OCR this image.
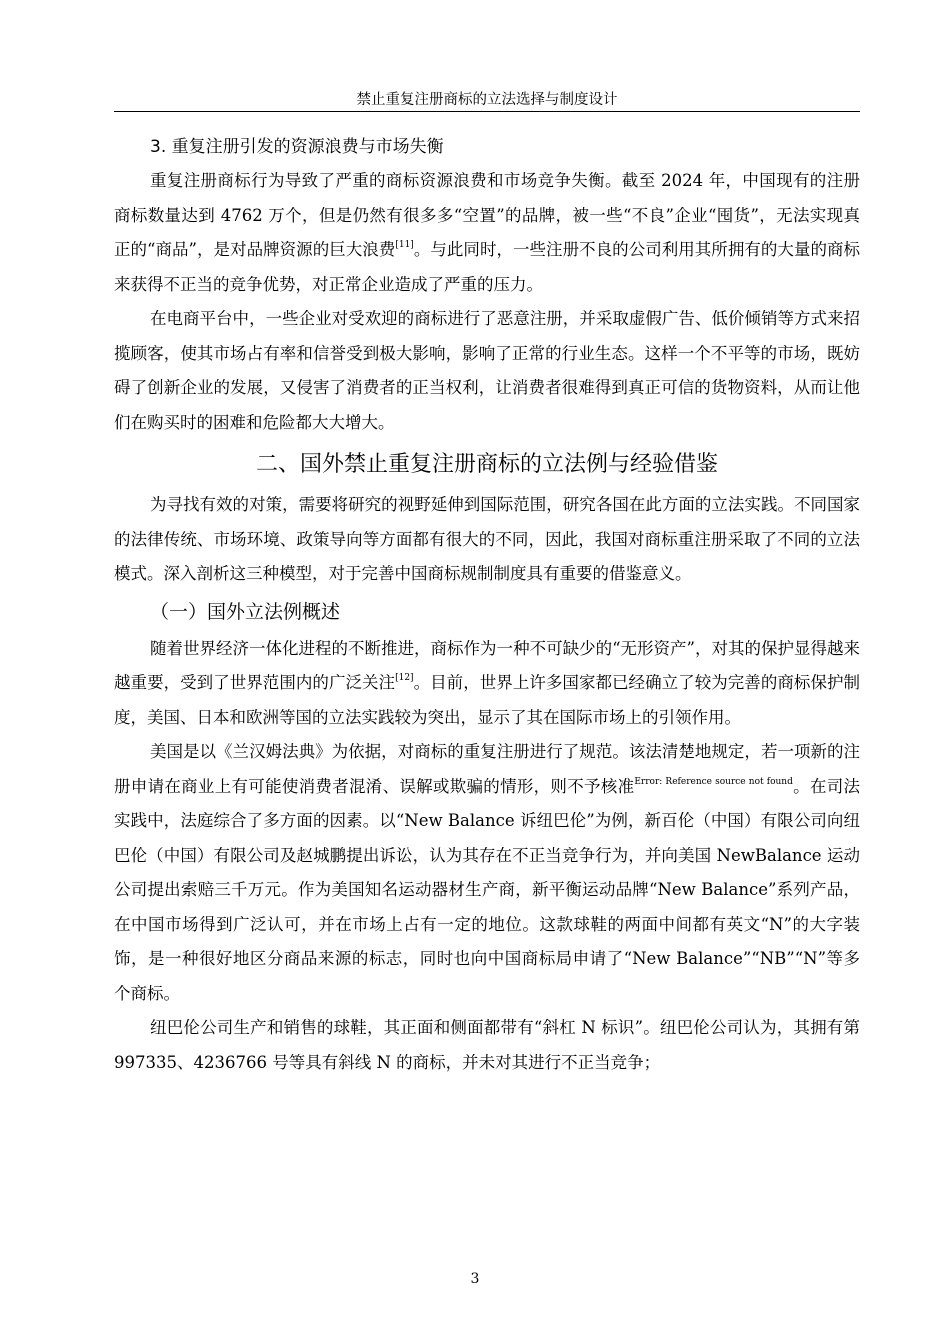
禁止重复注册商标的立法选择与制度设计
3. 重复注册引发的资源浪费与市场失衡

重复注册商标行为导致了严重的商标资源浪费和市场竞争失衡。截至 2024 年，中国现有的注册商标数量达到 4762 万个，但是仍然有很多多“空置”的品牌，被一些“不良”企业“囤货”，无法实现真正的“商品”，是对品牌资源的巨大浪费[11]。与此同时，一些注册不良的公司利用其所拥有的大量的商标来获得不正当的竞争优势，对正常企业造成了严重的压力。

在电商平台中，一些企业对受欢迎的商标进行了恶意注册，并采取虚假广告、低价倾销等方式来招揽顾客，使其市场占有率和信誉受到极大影响，影响了正常的行业生态。这样一个不平等的市场，既妨碍了创新企业的发展，又侵害了消费者的正当权利，让消费者很难得到真正可信的货物资料，从而让他们在购买时的困难和危险都大大增大。

二、国外禁止重复注册商标的立法例与经验借鉴

为寻找有效的对策，需要将研究的视野延伸到国际范围，研究各国在此方面的立法实践。不同国家的法律传统、市场环境、政策导向等方面都有很大的不同，因此，我国对商标重注册采取了不同的立法模式。深入剖析这三种模型，对于完善中国商标规制制度具有重要的借鉴意义。

（一）国外立法例概述

随着世界经济一体化进程的不断推进，商标作为一种不可缺少的“无形资产”，对其的保护显得越来越重要，受到了世界范围内的广泛关注[12]。目前，世界上许多国家都已经确立了较为完善的商标保护制度，美国、日本和欧洲等国的立法实践较为突出，显示了其在国际市场上的引领作用。

美国是以《兰汉姆法典》为依据，对商标的重复注册进行了规范。该法清楚地规定，若一项新的注册申请在商业上有可能使消费者混淆、误解或欺骗的情形，则不予核准$^{Error: Reference source not found}$。在司法实践中，法庭综合了多方面的因素。以“New Balance 诉纽巴伦”为例，新百伦（中国）有限公司向纽巴伦（中国）有限公司及赵城鹏提出诉讼，认为其存在不正当竞争行为，并向美国 NewBalance 运动公司提出索赔三千万元。作为美国知名运动器材生产商，新平衡运动品牌“New Balance”系列产品，在中国市场得到广泛认可，并在市场上占有一定的地位。这款球鞋的两面中间都有英文“N”的大字装饰，是一种很好地区分商品来源的标志，同时也向中国商标局申请了“New Balance”“NB”“N”等多个商标。

纽巴伦公司生产和销售的球鞋，其正面和侧面都带有“斜杠 N 标识”。纽巴伦公司认为，其拥有第 997335、4236766 号等具有斜线 N 的商标，并未对其进行不正当竞争；

3
